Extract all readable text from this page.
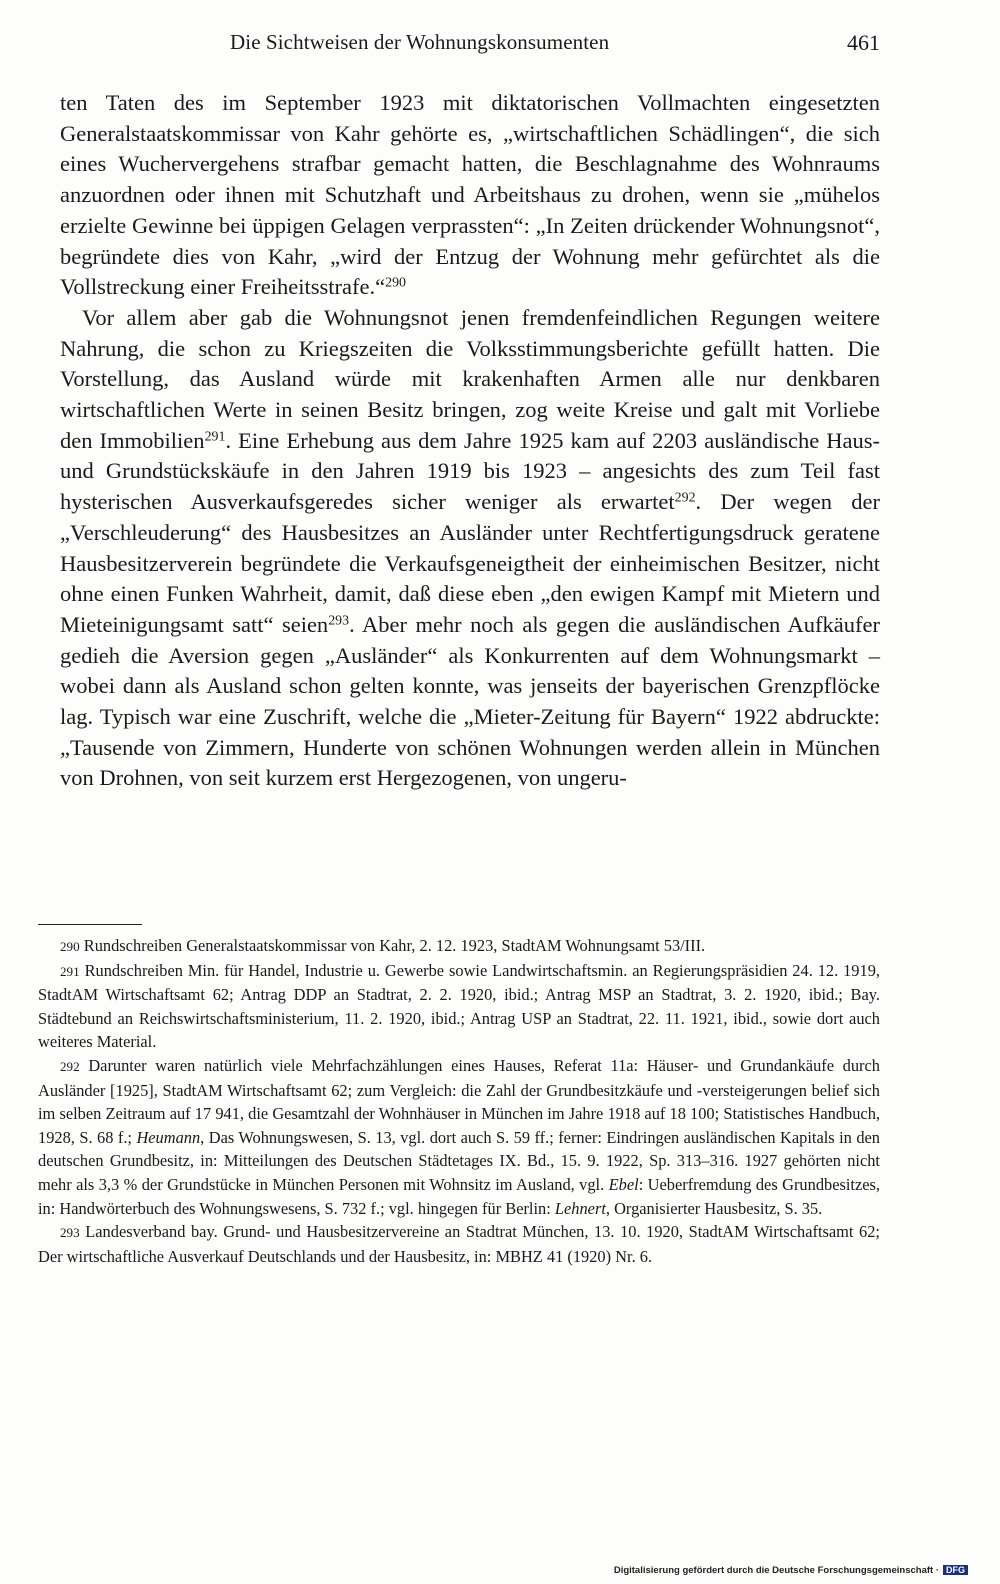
Die Sichtweisen der Wohnungskonsumenten	461

ten Taten des im September 1923 mit diktatorischen Vollmachten eingesetzten Generalstaatskommissar von Kahr gehörte es, „wirtschaftlichen Schädlingen“, die sich eines Wuchervergehens strafbar gemacht hatten, die Beschlagnahme des Wohnraums anzuordnen oder ihnen mit Schutzhaft und Arbeitshaus zu drohen, wenn sie „mühelos erzielte Gewinne bei üppigen Gelagen verprassten“: „In Zeiten drückender Wohnungsnot“, begründete dies von Kahr, „wird der Entzug der Wohnung mehr gefürchtet als die Vollstreckung einer Freiheitsstrafe.“$^{290}$

Vor allem aber gab die Wohnungsnot jenen fremdenfeindlichen Regungen weitere Nahrung, die schon zu Kriegszeiten die Volksstimmungsberichte gefüllt hatten. Die Vorstellung, das Ausland würde mit krakenhaften Armen alle nur denkbaren wirtschaftlichen Werte in seinen Besitz bringen, zog weite Kreise und galt mit Vorliebe den Immobilien$^{291}$. Eine Erhebung aus dem Jahre 1925 kam auf 2203 ausländische Haus- und Grundstückskäufe in den Jahren 1919 bis 1923 – angesichts des zum Teil fast hysterischen Ausverkaufsgeredes sicher weniger als erwartet$^{292}$. Der wegen der „Verschleuderung“ des Hausbesitzes an Ausländer unter Rechtfertigungsdruck geratene Hausbesitzerverein begründete die Verkaufsgeneigtheit der einheimischen Besitzer, nicht ohne einen Funken Wahrheit, damit, daß diese eben „den ewigen Kampf mit Mietern und Mieteinigungsamt satt“ seien$^{293}$. Aber mehr noch als gegen die ausländischen Aufkäufer gedieh die Aversion gegen „Ausländer“ als Konkurrenten auf dem Wohnungsmarkt – wobei dann als Ausland schon gelten konnte, was jenseits der bayerischen Grenzpflöcke lag. Typisch war eine Zuschrift, welche die „Mieter-Zeitung für Bayern“ 1922 abdruckte: „Tausende von Zimmern, Hunderte von schönen Wohnungen werden allein in München von Drohnen, von seit kurzem erst Hergezogenen, von ungeru-

290 Rundschreiben Generalstaatskommissar von Kahr, 2. 12. 1923, StadtAM Wohnungsamt 53/III.

291 Rundschreiben Min. für Handel, Industrie u. Gewerbe sowie Landwirtschaftsmin. an Regierungspräsidien 24. 12. 1919, StadtAM Wirtschaftsamt 62; Antrag DDP an Stadtrat, 2. 2. 1920, ibid.; Antrag MSP an Stadtrat, 3. 2. 1920, ibid.; Bay. Städtebund an Reichswirtschaftsministerium, 11. 2. 1920, ibid.; Antrag USP an Stadtrat, 22. 11. 1921, ibid., sowie dort auch weiteres Material.

292 Darunter waren natürlich viele Mehrfachzählungen eines Hauses, Referat 11a: Häuser- und Grundankäufe durch Ausländer [1925], StadtAM Wirtschaftsamt 62; zum Vergleich: die Zahl der Grundbesitzkäufe und -versteigerungen belief sich im selben Zeitraum auf 17 941, die Gesamtzahl der Wohnhäuser in München im Jahre 1918 auf 18 100; Statistisches Handbuch, 1928, S. 68 f.; Heumann, Das Wohnungswesen, S. 13, vgl. dort auch S. 59 ff.; ferner: Eindringen ausländischen Kapitals in den deutschen Grundbesitz, in: Mitteilungen des Deutschen Städtetages IX. Bd., 15. 9. 1922, Sp. 313–316. 1927 gehörten nicht mehr als 3,3 % der Grundstücke in München Personen mit Wohnsitz im Ausland, vgl. Ebel: Ueberfremdung des Grundbesitzes, in: Handwörterbuch des Wohnungswesens, S. 732 f.; vgl. hingegen für Berlin: Lehnert, Organisierter Hausbesitz, S. 35.

293 Landesverband bay. Grund- und Hausbesitzervereine an Stadtrat München, 13. 10. 1920, StadtAM Wirtschaftsamt 62; Der wirtschaftliche Ausverkauf Deutschlands und der Hausbesitz, in: MBHZ 41 (1920) Nr. 6.

Digitalisierung gefördert durch die Deutsche Forschungsgemeinschaft · DFG
